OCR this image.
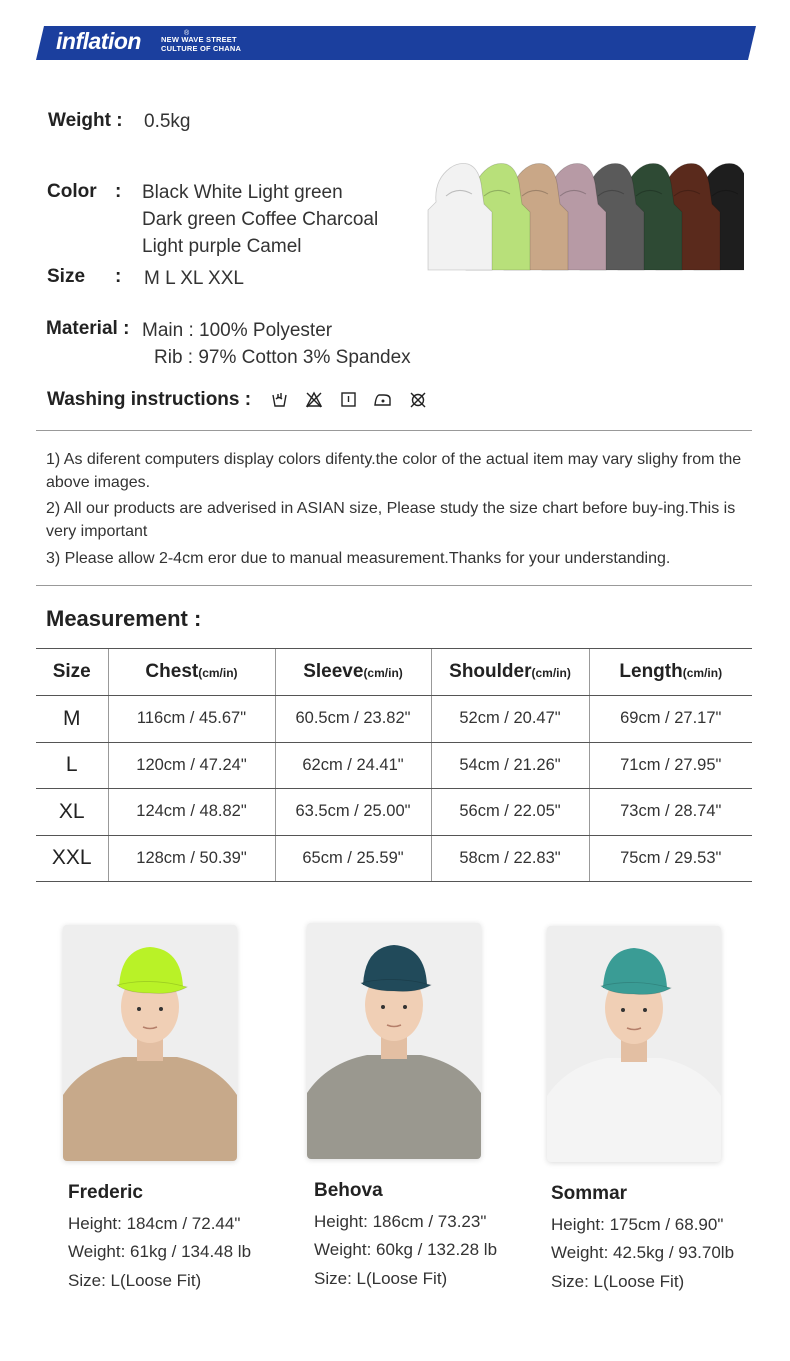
inflation	®
NEW WAVE STREET
CULTURE OF CHANA
Weight : 0.5kg
Color : Black White Light green
Dark green Coffee Charcoal
Light purple Camel
Size : M L XL XXL
Material : Main : 100% Polyester
Rib : 97% Cotton 3% Spandex
Washing instructions :
1) As diferent computers display colors difenty.the color of the actual item may vary slighy from the above images.
2) All our products are adverised in ASIAN size, Please study the size chart before buy-ing.This is very important
3) Please allow 2-4cm eror due to manual measurement.Thanks for your understanding.
Measurement :
Size	Chest(cm/in)	Sleeve(cm/in)	Shoulder(cm/in)	Length(cm/in)
M	116cm / 45.67"	60.5cm / 23.82"	52cm / 20.47"	69cm / 27.17"
L	120cm / 47.24"	62cm / 24.41"	54cm / 21.26"	71cm / 27.95"
XL	124cm / 48.82"	63.5cm / 25.00"	56cm / 22.05"	73cm / 28.74"
XXL	128cm / 50.39"	65cm / 25.59"	58cm / 22.83"	75cm / 29.53"
Frederic
Height: 184cm / 72.44"
Weight: 61kg / 134.48 lb
Size: L(Loose Fit)
Behova
Height: 186cm / 73.23"
Weight: 60kg / 132.28 lb
Size: L(Loose Fit)
Sommar
Height: 175cm / 68.90"
Weight: 42.5kg / 93.70lb
Size: L(Loose Fit)
